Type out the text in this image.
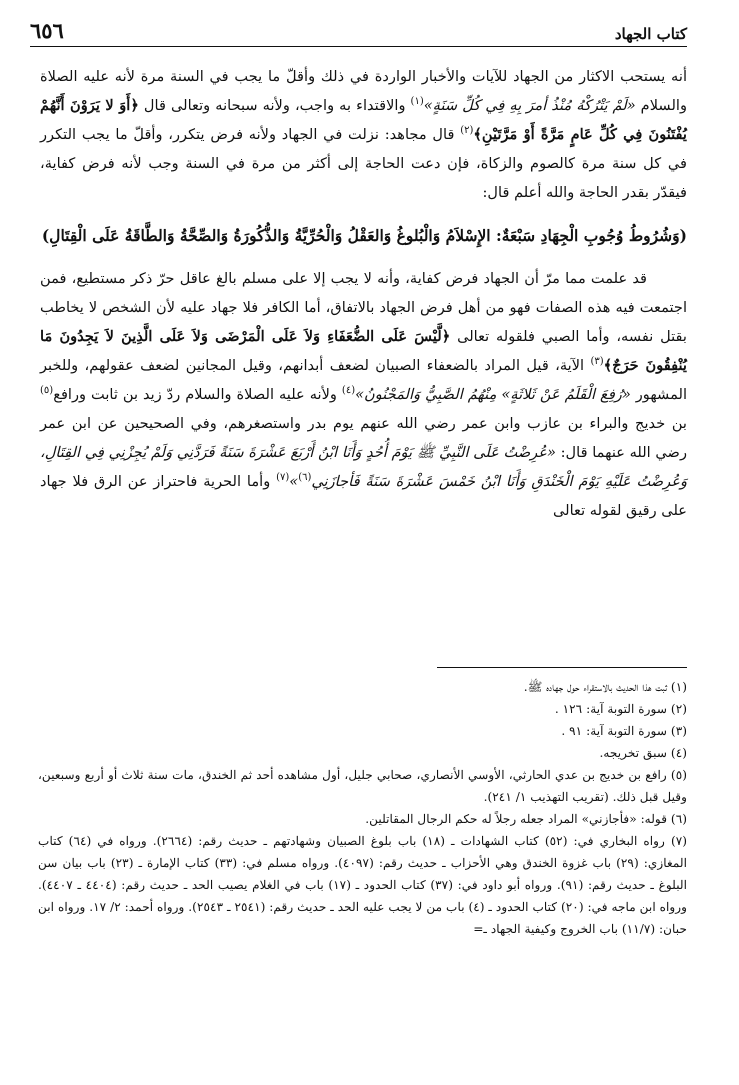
كتاب الجهاد
٦٥٦

أنه يستحب الاكثار من الجهاد للآيات والأخبار الواردة في ذلك وأقلّ ما يجب في السنة مرة لأنه عليه الصلاة والسلام «لَمْ يَتْرُكْهُ مُنْذُ أمرَ بِهِ فِي كُلِّ سَنَةٍ»$^{(١)}$ والاقتداء به واجب، ولأنه سبحانه وتعالى قال ﴿أَوَ لا يَرَوْنَ أَنَّهُمْ يُفْتَنُونَ فِي كُلِّ عَامٍ مَرَّةً أَوْ مَرَّتَيْنِ﴾$^{(٢)}$ قال مجاهد: نزلت في الجهاد ولأنه فرض يتكرر، وأقلّ ما يجب التكرر في كل سنة مرة كالصوم والزكاة، فإن دعت الحاجة إلى أكثر من مرة في السنة وجب لأنه فرض كفاية، فيقدّر بقدر الحاجة والله أعلم قال:

(وَشُرُوطُ وُجُوبِ الْجِهَادِ سَبْعَةٌ: الإِسْلاَمُ وَالْبُلوغُ وَالعَقْلُ وَالْحُرِّيَّةُ وَالذُّكُورَةُ وَالصِّحَّةُ وَالطَّاقَةُ عَلَى الْقِتَالِ)

قد علمت مما مرّ أن الجهاد فرض كفاية، وأنه لا يجب إلا على مسلم بالغ عاقل حرّ ذكر مستطيع، فمن اجتمعت فيه هذه الصفات فهو من أهل فرض الجهاد بالاتفاق، أما الكافر فلا جهاد عليه لأن الشخص لا يخاطب بقتل نفسه، وأما الصبي فلقوله تعالى ﴿لَّيْسَ عَلَى الضُّعَفَاءِ وَلاَ عَلَى الْمَرْضَى وَلاَ عَلَى الَّذِينَ لاَ يَجِدُونَ مَا يُنْفِقُونَ حَرَجٌ﴾$^{(٣)}$ الآية، قيل المراد بالضعفاء الصبيان لضعف أبدانهم، وقيل المجانين لضعف عقولهم، وللخبر المشهور «رُفِعَ الْقَلَمُ عَنْ ثَلاثَةٍ» مِنْهُمُ الصَّبِيُّ وَالمَجْنُونُ»$^{(٤)}$ ولأنه عليه الصلاة والسلام ردّ زيد بن ثابت ورافع$^{(٥)}$ بن خديج والبراء بن عازب وابن عمر رضي الله عنهم يوم بدر واستصغرهم، وفي الصحيحين عن ابن عمر رضي الله عنهما قال: «عُرِضْتُ عَلَى النَّبِيِّ ﷺ يَوْمَ أُحُدٍ وَأَنَا ابْنُ أَرْبَعَ عَشْرَةَ سَنَةً فَرَدَّنِي وَلَمْ يُجِزْنِي فِي القِتَالِ، وَعُرِضْتُ عَلَيْهِ يَوْمَ الْخَنْدَقِ وَأَنَا ابْنُ خَمْسَ عَشْرَةَ سَنَةً فَأجازَنِي$^{(٦)}$»$^{(٧)}$ وأما الحرية فاحتراز عن الرق فلا جهاد على رقيق لقوله تعالى

(١) ثبت هذا الحديث بالاستقراء حول جهاده ﷺ.
(٢) سورة التوبة آية: ١٢٦ .
(٣) سورة التوبة آية: ٩١ .
(٤) سبق تخريجه.
(٥) رافع بن خديج بن عدي الحارثي، الأوسي الأنصاري، صحابي جليل، أول مشاهده أحد ثم الخندق، مات سنة ثلاث أو أربع وسبعين، وقيل قبل ذلك. (تقريب التهذيب ١/ ٢٤١).
(٦) قوله: «فأجازني» المراد جعله رجلاً له حكم الرجال المقاتلين.
(٧) رواه البخاري في: (٥٢) كتاب الشهادات ـ (١٨) باب بلوغ الصبيان وشهادتهم ـ حديث رقم: (٢٦٦٤). ورواه في (٦٤) كتاب المغازي: (٢٩) باب غزوة الخندق وهي الأحزاب ـ حديث رقم: (٤٠٩٧). ورواه مسلم في: (٣٣) كتاب الإمارة ـ (٢٣) باب بيان سن البلوغ ـ حديث رقم: (٩١). ورواه أبو داود في: (٣٧) كتاب الحدود ـ (١٧) باب في الغلام يصيب الحد ـ حديث رقم: (٤٤٠٤ ـ ٤٤٠٧). ورواه ابن ماجه في: (٢٠) كتاب الحدود ـ (٤) باب من لا يجب عليه الحد ـ حديث رقم: (٢٥٤١ ـ ٢٥٤٣). ورواه أحمد: ٢/ ١٧. ورواه ابن حبان: (١١/٧) باب الخروج وكيفية الجهاد ـ=
